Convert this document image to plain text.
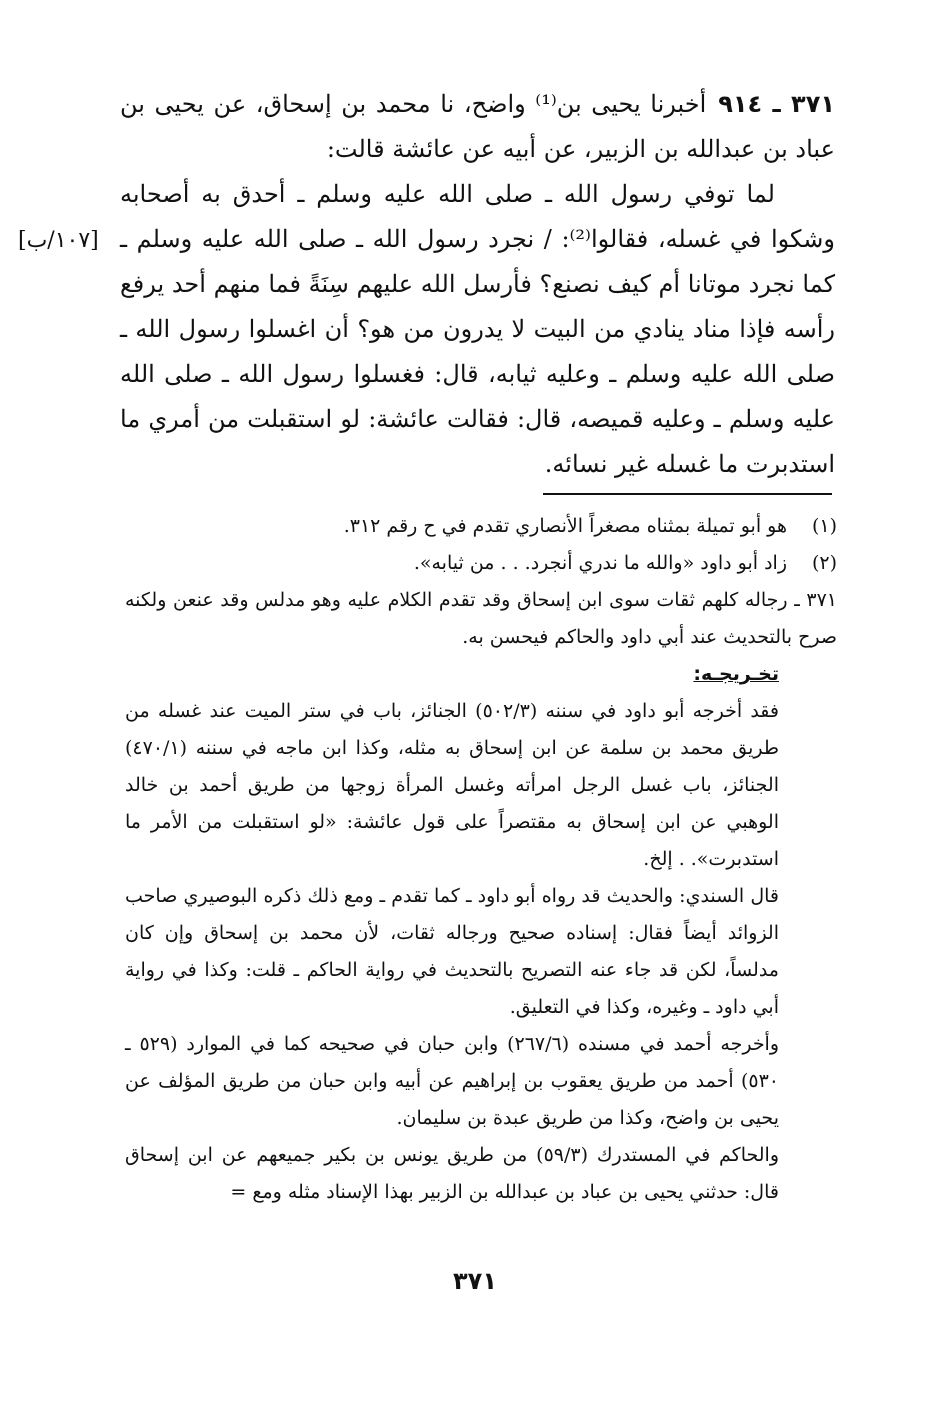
٣٧١ ـ ٩١٤أخبرنا يحيى بن⁽¹⁾ واضح، نا محمد بن إسحاق، عن يحيى بن عباد بن عبدالله بن الزبير، عن أبيه عن عائشة قالت:

لما توفي رسول الله ـ صلى الله عليه وسلم ـ أحدق به أصحابه وشكوا في غسله، فقالوا⁽²⁾: / نجرد رسول الله ـ صلى الله عليه وسلم ـ كما نجرد موتانا أم كيف نصنع؟ فأرسل الله عليهم سِنَةً فما منهم أحد يرفع رأسه فإذا مناد ينادي من البيت لا يدرون من هو؟ أن اغسلوا رسول الله ـ صلى الله عليه وسلم ـ وعليه ثيابه، قال: فغسلوا رسول الله ـ صلى الله عليه وسلم ـ وعليه قميصه، قال: فقالت عائشة: لو استقبلت من أمري ما استدبرت ما غسله غير نسائه.

[١٠٧/ب]

(١)هو أبو تميلة بمثناه مصغراً الأنصاري تقدم في ح رقم ٣١٢.

(٢)زاد أبو داود «والله ما ندري أنجرد. . . من ثيابه».

٣٧١ ـ رجاله كلهم ثقات سوى ابن إسحاق وقد تقدم الكلام عليه وهو مدلس وقد عنعن ولكنه صرح بالتحديث عند أبي داود والحاكم فيحسن به.

تخـريجـه:

فقد أخرجه أبو داود في سننه (٥٠٢/٣) الجنائز، باب في ستر الميت عند غسله من طريق محمد بن سلمة عن ابن إسحاق به مثله، وكذا ابن ماجه في سننه (٤٧٠/١) الجنائز، باب غسل الرجل امرأته وغسل المرأة زوجها من طريق أحمد بن خالد الوهبي عن ابن إسحاق به مقتصراً على قول عائشة: «لو استقبلت من الأمر ما استدبرت». . إلخ.

قال السندي: والحديث قد رواه أبو داود ـ كما تقدم ـ ومع ذلك ذكره البوصيري صاحب الزوائد أيضاً فقال: إسناده صحيح ورجاله ثقات، لأن محمد بن إسحاق وإن كان مدلساً، لكن قد جاء عنه التصريح بالتحديث في رواية الحاكم ـ قلت: وكذا في رواية أبي داود ـ وغيره، وكذا في التعليق.

وأخرجه أحمد في مسنده (٢٦٧/٦) وابن حبان في صحيحه كما في الموارد (٥٢٩ ـ ٥٣٠) أحمد من طريق يعقوب بن إبراهيم عن أبيه وابن حبان من طريق المؤلف عن يحيى بن واضح، وكذا من طريق عبدة بن سليمان.

والحاكم في المستدرك (٥٩/٣) من طريق يونس بن بكير جميعهم عن ابن إسحاق قال: حدثني يحيى بن عباد بن عبدالله بن الزبير بهذا الإسناد مثله ومع =

٣٧١
